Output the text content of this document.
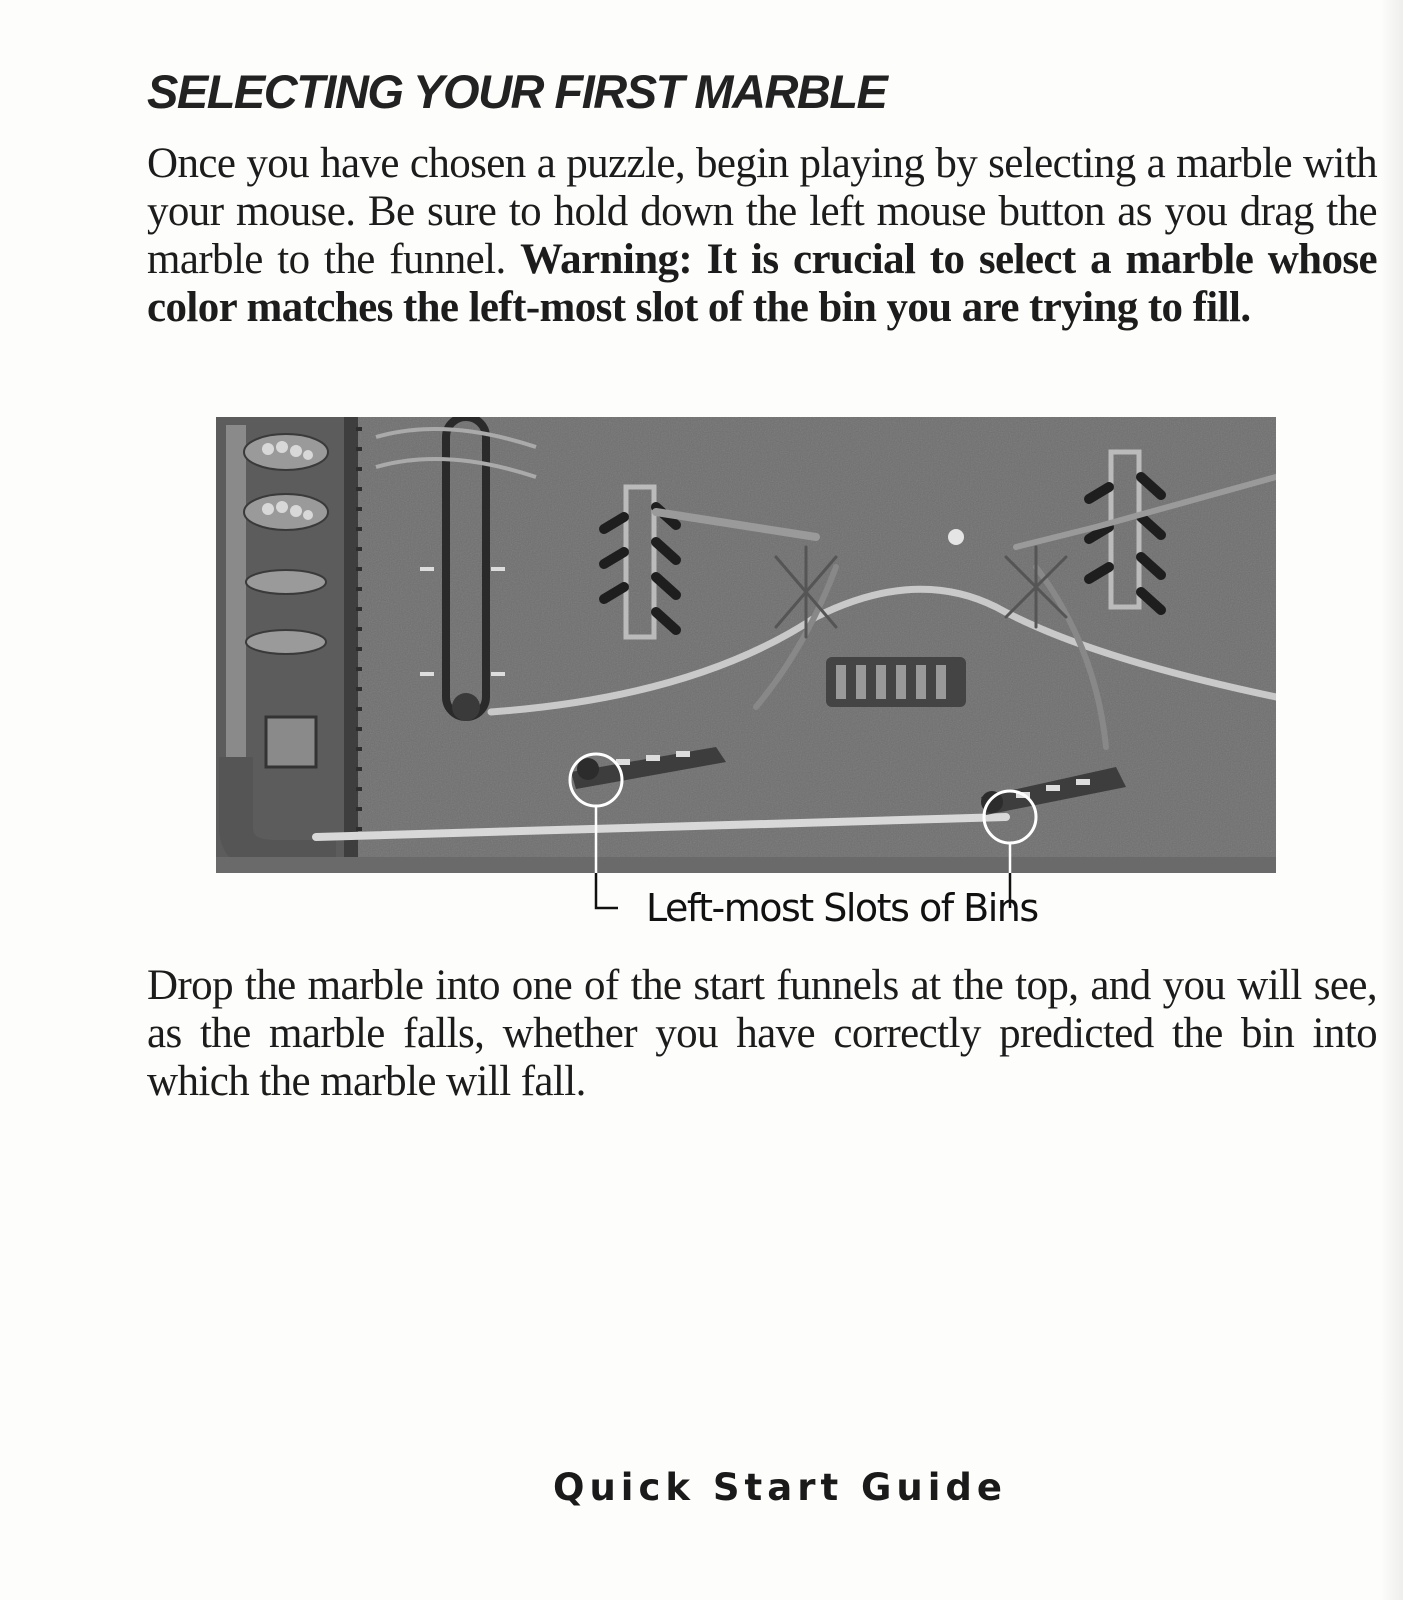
SELECTING YOUR FIRST MARBLE

Once you have chosen a puzzle, begin playing by selecting a marble with your mouse. Be sure to hold down the left mouse button as you drag the marble to the funnel. Warning: It is crucial to select a marble whose color matches the left-most slot of the bin you are trying to fill.

Left-most Slots of Bins

Drop the marble into one of the start funnels at the top, and you will see, as the marble falls, whether you have correctly predicted the bin into which the marble will fall.

Quick Start Guide
